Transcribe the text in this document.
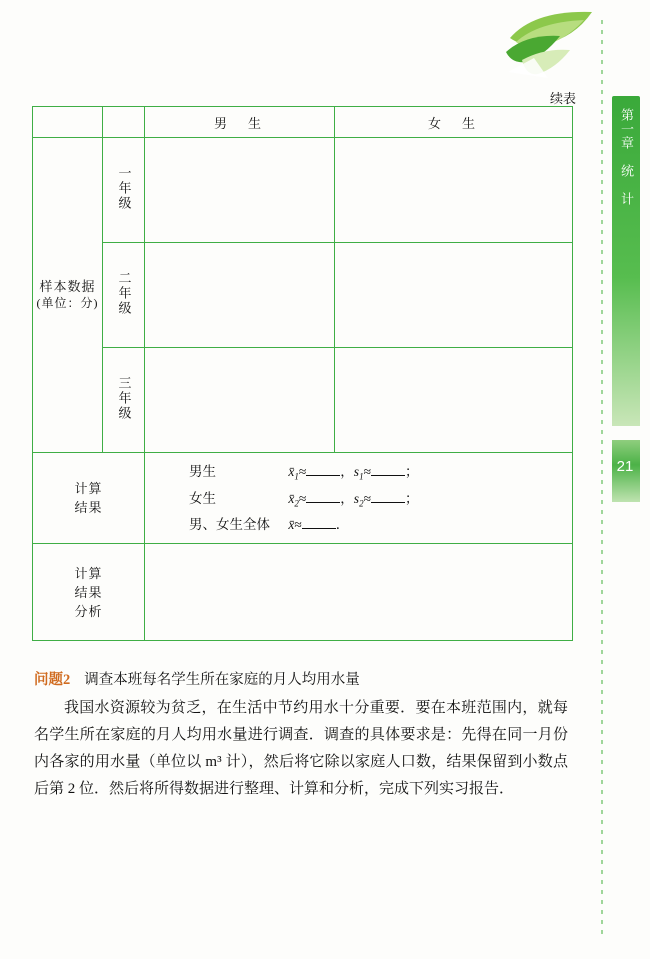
第一章　统　计
21
续表
		男　生	女　生

样本数据
(单位：分)	一年级		
	二年级		
	三年级		

计算
结果

男生	$x̄_1\approx$	，$s_1\approx$	；
女生	$x̄_2\approx$	，$s_2\approx$	；
男、女生全体 x̄≈	．

计算
结果
分析			

问题2 调查本班每名学生所在家庭的月人均用水量
我国水资源较为贫乏，在生活中节约用水十分重要．要在本班范围内，就每名学生所在家庭的月人均用水量进行调查．调查的具体要求是：先得在同一月份内各家的用水量（单位以 m³ 计），然后将它除以家庭人口数，结果保留到小数点后第 2 位．然后将所得数据进行整理、计算和分析，完成下列实习报告．
